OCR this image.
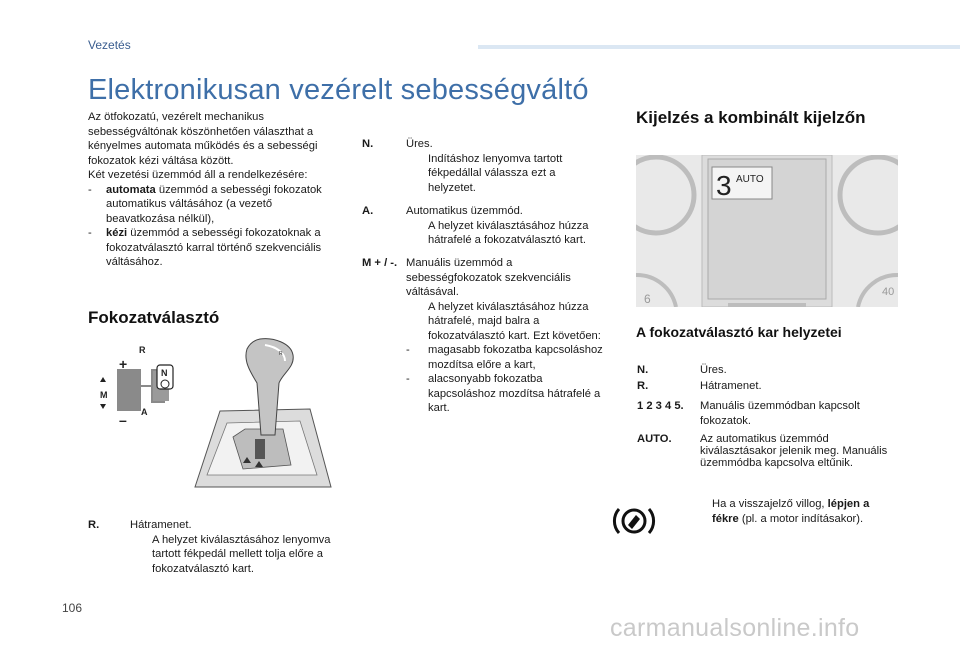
Vezetés
Elektronikusan vezérelt sebességváltó

Az ötfokozatú, vezérelt mechanikus sebességváltónak köszönhetően választhat a kényelmes automata működés és a sebességi fokozatok kézi váltása között.

Két vezetési üzemmód áll a rendelkezésére:

- automata üzemmód a sebességi fokozatok automatikus váltásához (a vezető beavatkozása nélkül),
- kézi üzemmód a sebességi fokozatoknak a fokozatválasztó karral történő szekvenciális váltásához.
Fokozatválasztó
+
–
R
M
A
N
R
R.	Hátramenet.
A helyzet kiválasztásához lenyomva tartott fékpedál mellett tolja előre a fokozatválasztó kart.
N.	Üres.
Indításhoz lenyomva tartott fékpedállal válassza ezt a helyzetet.
A.	Automatikus üzemmód.
A helyzet kiválasztásához húzza hátrafelé a fokozatválasztó kart.
M + / -. Manuális üzemmód a sebességfokozatok szekvenciális váltásával.
A helyzet kiválasztásához húzza hátrafelé, majd balra a fokozatválasztó kart. Ezt követően:
- magasabb fokozatba kapcsoláshoz mozdítsa előre a kart,
- alacsonyabb fokozatba kapcsoláshoz mozdítsa hátrafelé a kart.
Kijelzés a kombinált kijelzőn
3 AUTO
6	40
A fokozatválasztó kar helyzetei
N.	Üres.
R.	Hátramenet.
1 2 3 4 5. Manuális üzemmódban kapcsolt fokozatok.
AUTO.	Az automatikus üzemmód kiválasztásakor jelenik meg. Manuális üzemmódba kapcsolva eltűnik.
Ha a visszajelző villog, lépjen a fékre (pl. a motor indításakor).
106
carmanualsonline.info
